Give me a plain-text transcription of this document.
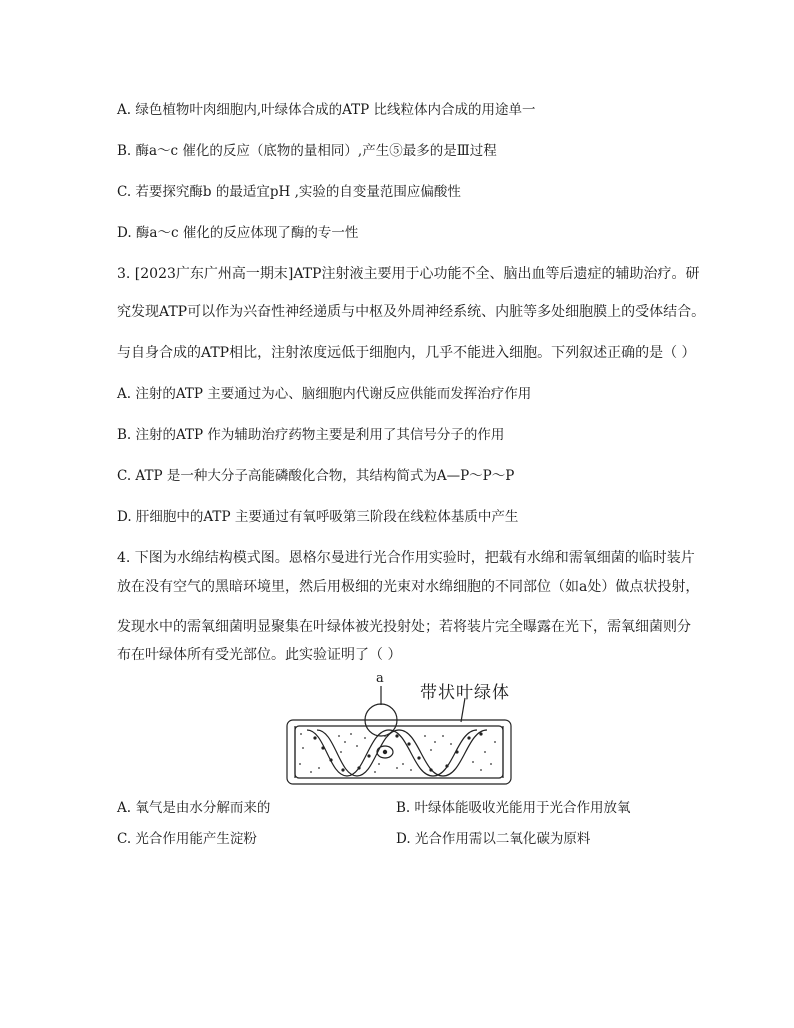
A. 绿色植物叶肉细胞内,叶绿体合成的ATP 比线粒体内合成的用途单一
B. 酶a～c 催化的反应（底物的量相同）,产生⑤最多的是Ⅲ过程
C. 若要探究酶b 的最适宜pH ,实验的自变量范围应偏酸性
D. 酶a～c 催化的反应体现了酶的专一性
3. [2023广东广州高一期末]ATP注射液主要用于心功能不全、脑出血等后遗症的辅助治疗。研
究发现ATP可以作为兴奋性神经递质与中枢及外周神经系统、内脏等多处细胞膜上的受体结合。
与自身合成的ATP相比，注射浓度远低于细胞内，几乎不能进入细胞。下列叙述正确的是（ ）
A. 注射的ATP 主要通过为心、脑细胞内代谢反应供能而发挥治疗作用
B. 注射的ATP 作为辅助治疗药物主要是利用了其信号分子的作用
C. ATP 是一种大分子高能磷酸化合物，其结构简式为A—P～P～P
D. 肝细胞中的ATP 主要通过有氧呼吸第三阶段在线粒体基质中产生
4. 下图为水绵结构模式图。恩格尔曼进行光合作用实验时，把载有水绵和需氧细菌的临时装片
放在没有空气的黑暗环境里，然后用极细的光束对水绵细胞的不同部位（如a处）做点状投射，
发现水中的需氧细菌明显聚集在叶绿体被光投射处；若将装片完全曝露在光下，需氧细菌则分
布在叶绿体所有受光部位。此实验证明了（ ）
a
带状叶绿体
A. 氧气是由水分解而来的	B. 叶绿体能吸收光能用于光合作用放氧
C. 光合作用能产生淀粉	D. 光合作用需以二氧化碳为原料
